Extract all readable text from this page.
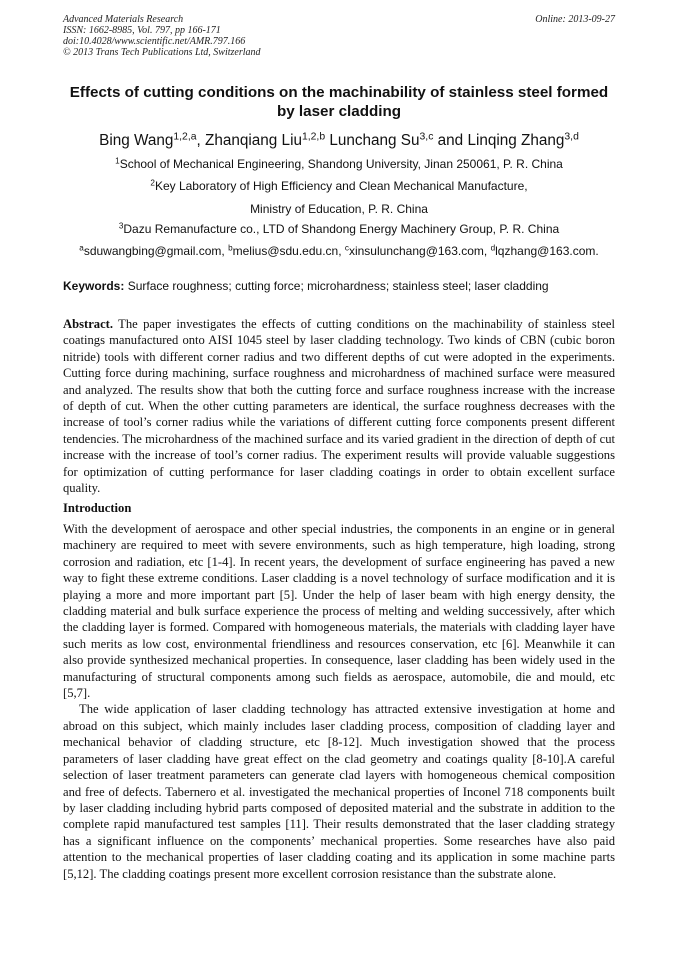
Advanced Materials Research
ISSN: 1662-8985, Vol. 797, pp 166-171
doi:10.4028/www.scientific.net/AMR.797.166
© 2013 Trans Tech Publications Ltd, Switzerland
Online: 2013-09-27
Effects of cutting conditions on the machinability of stainless steel formed by laser cladding
Bing Wang$^{1,2,a}$, Zhanqiang Liu$^{1,2,b}$ Lunchang Su$^{3,c}$ and Linqing Zhang$^{3,d}$
$^1$School of Mechanical Engineering, Shandong University, Jinan 250061, P. R. China
$^2$Key Laboratory of High Efficiency and Clean Mechanical Manufacture,
Ministry of Education, P. R. China
$^3$Dazu Remanufacture co., LTD of Shandong Energy Machinery Group, P. R. China
$^a$sduwangbing@gmail.com, $^b$melius@sdu.edu.cn, $^c$xinsulunchang@163.com, $^d$lqzhang@163.com.
Keywords: Surface roughness; cutting force; microhardness; stainless steel; laser cladding
Abstract. The paper investigates the effects of cutting conditions on the machinability of stainless steel coatings manufactured onto AISI 1045 steel by laser cladding technology. Two kinds of CBN (cubic boron nitride) tools with different corner radius and two different depths of cut were adopted in the experiments. Cutting force during machining, surface roughness and microhardness of machined surface were measured and analyzed. The results show that both the cutting force and surface roughness increase with the increase of depth of cut. When the other cutting parameters are identical, the surface roughness decreases with the increase of tool’s corner radius while the variations of different cutting force components present different tendencies. The microhardness of the machined surface and its varied gradient in the direction of depth of cut increase with the increase of tool’s corner radius. The experiment results will provide valuable suggestions for optimization of cutting performance for laser cladding coatings in order to obtain excellent surface quality.
Introduction

With the development of aerospace and other special industries, the components in an engine or in general machinery are required to meet with severe environments, such as high temperature, high loading, strong corrosion and radiation, etc [1-4]. In recent years, the development of surface engineering has paved a new way to fight these extreme conditions. Laser cladding is a novel technology of surface modification and it is playing a more and more important part [5]. Under the help of laser beam with high energy density, the cladding material and bulk surface experience the process of melting and welding successively, after which the cladding layer is formed. Compared with homogeneous materials, the materials with cladding layer have such merits as low cost, environmental friendliness and resources conservation, etc [6]. Meanwhile it can also provide synthesized mechanical properties. In consequence, laser cladding has been widely used in the manufacturing of structural components among such fields as aerospace, automobile, die and mould, etc [5,7].

The wide application of laser cladding technology has attracted extensive investigation at home and abroad on this subject, which mainly includes laser cladding process, composition of cladding layer and mechanical behavior of cladding structure, etc [8-12]. Much investigation showed that the process parameters of laser cladding have great effect on the clad geometry and coatings quality [8-10].A careful selection of laser treatment parameters can generate clad layers with homogeneous chemical composition and free of defects. Tabernero et al. investigated the mechanical properties of Inconel 718 components built by laser cladding including hybrid parts composed of deposited material and the substrate in addition to the complete rapid manufactured test samples [11]. Their results demonstrated that the laser cladding strategy has a significant influence on the components’ mechanical properties. Some researches have also paid attention to the mechanical properties of laser cladding coating and its application in some machine parts [5,12]. The cladding coatings present more excellent corrosion resistance than the substrate alone.
